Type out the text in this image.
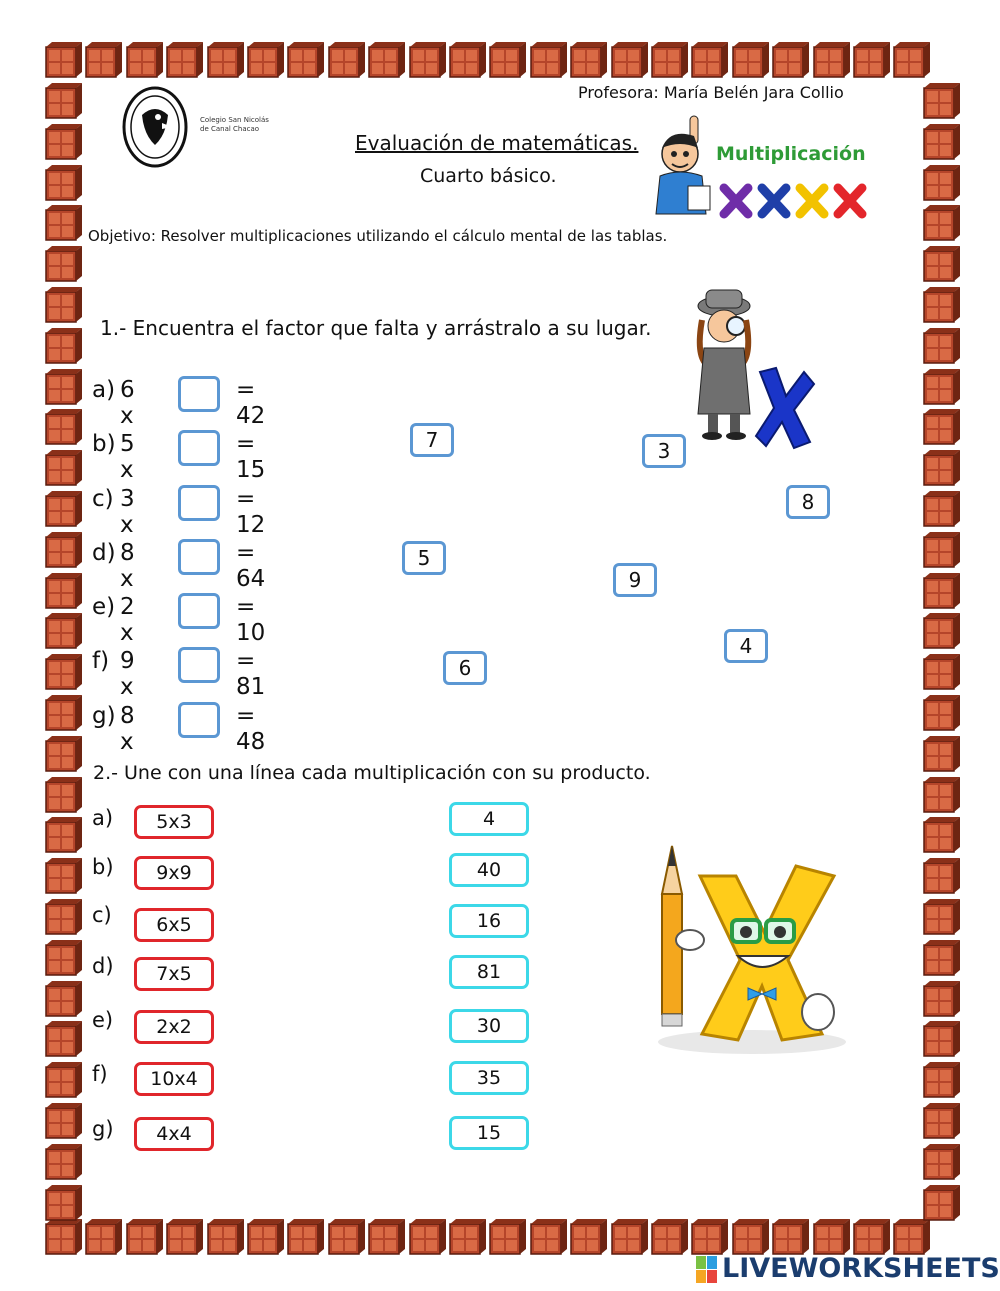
Profesora: María Belén Jara Collio
Colegio San Nicolás
de Canal Chacao
Evaluación de matemáticas.
Cuarto básico.
Multiplicación
Objetivo: Resolver multiplicaciones utilizando el cálculo mental de las tablas.
1.- Encuentra el factor que falta y arrástralo a su lugar.
a) 6 x
= 42
b) 5 x
= 15
c) 3 x
= 12
d) 8 x
= 64
e) 2 x
= 10
f) 9 x
= 81
g) 8 x
= 48
7	3
8
5
9
4
6
2.- Une con una línea cada multiplicación con su producto.
a)
b)
c)
d)
e)
f)
g)
5x3
9x9
6x5
7x5
2x2
10x4
4x4
4
40
16
81
30
35
15
LIVEWORKSHEETS
